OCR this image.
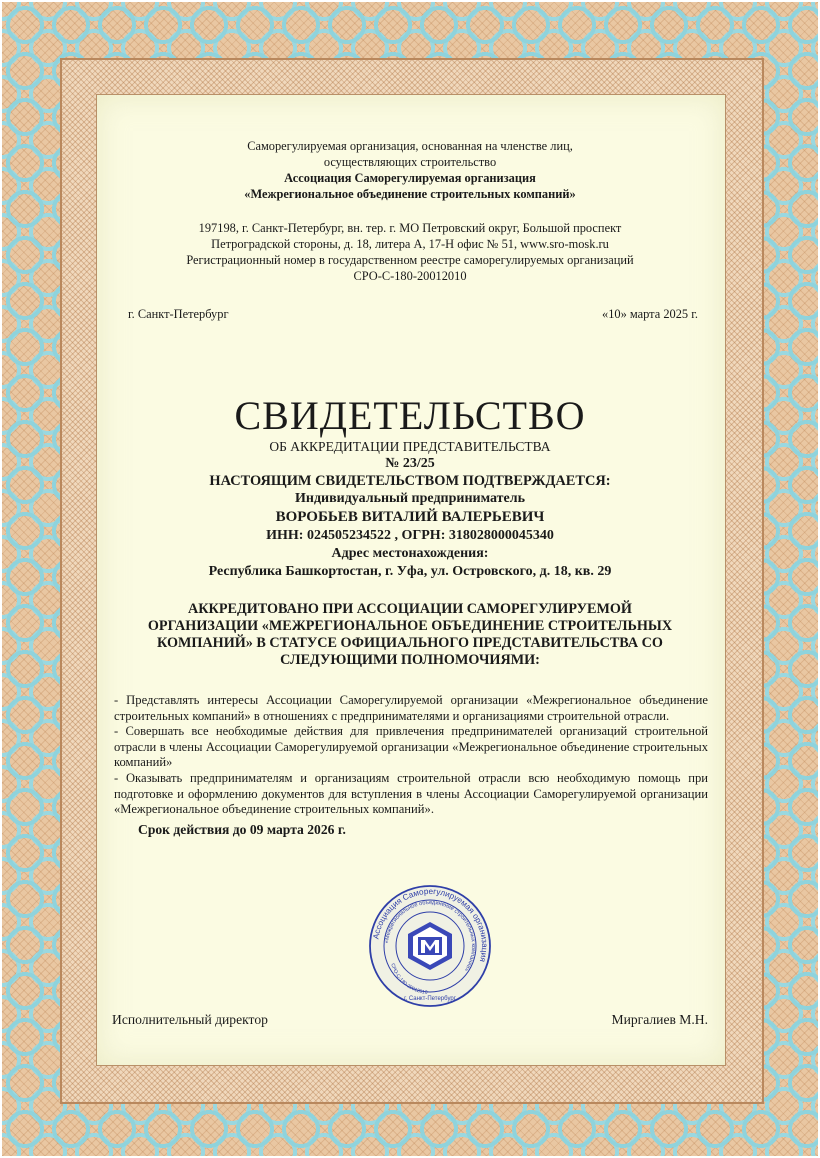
Саморегулируемая организация, основанная на членстве лиц,

осуществляющих строительство

Ассоциация Саморегулируемая организация

«Межрегиональное объединение строительных компаний»

197198, г. Санкт-Петербург, вн. тер. г. МО Петровский округ, Большой проспект

Петроградской стороны, д. 18, литера А, 17-Н офис № 51, www.sro-mosk.ru

Регистрационный номер в государственном реестре саморегулируемых организаций

СРО-С-180-20012010

г. Санкт-Петербург	«10» марта 2025 г.
СВИДЕТЕЛЬСТВО
ОБ АККРЕДИТАЦИИ ПРЕДСТАВИТЕЛЬСТВА
№ 23/25
НАСТОЯЩИМ СВИДЕТЕЛЬСТВОМ ПОДТВЕРЖДАЕТСЯ:
Индивидуальный предприниматель
ВОРОБЬЕВ ВИТАЛИЙ ВАЛЕРЬЕВИЧ
ИНН: 024505234522 , ОГРН: 318028000045340
Адрес местонахождения:
Республика Башкортостан, г. Уфа, ул. Островского, д. 18, кв. 29
АККРЕДИТОВАНО ПРИ АССОЦИАЦИИ САМОРЕГУЛИРУЕМОЙ
ОРГАНИЗАЦИИ «МЕЖРЕГИОНАЛЬНОЕ ОБЪЕДИНЕНИЕ СТРОИТЕЛЬНЫХ
КОМПАНИЙ» В СТАТУСЕ ОФИЦИАЛЬНОГО ПРЕДСТАВИТЕЛЬСТВА СО
СЛЕДУЮЩИМИ ПОЛНОМОЧИЯМИ:

- Представлять интересы Ассоциации Саморегулируемой организации «Межрегиональное объединение строительных компаний» в отношениях с предпринимателями и организациями строительной отрасли.

- Совершать все необходимые действия для привлечения предпринимателей организаций строительной отрасли в члены Ассоциации Саморегулируемой организации «Межрегиональное объединение строительных компаний»

- Оказывать предпринимателям и организациям строительной отрасли всю необходимую помощь при подготовке и оформлению документов для вступления в члены Ассоциации Саморегулируемой организации «Межрегиональное объединение строительных компаний».

Срок действия до 09 марта 2026 г.
Ассоциация Саморегулируемая организация
«Межрегиональное объединение строительных компаний»
СРО-С-180-20012010
г. Санкт-Петербург
Исполнительный директор	Миргалиев М.Н.
